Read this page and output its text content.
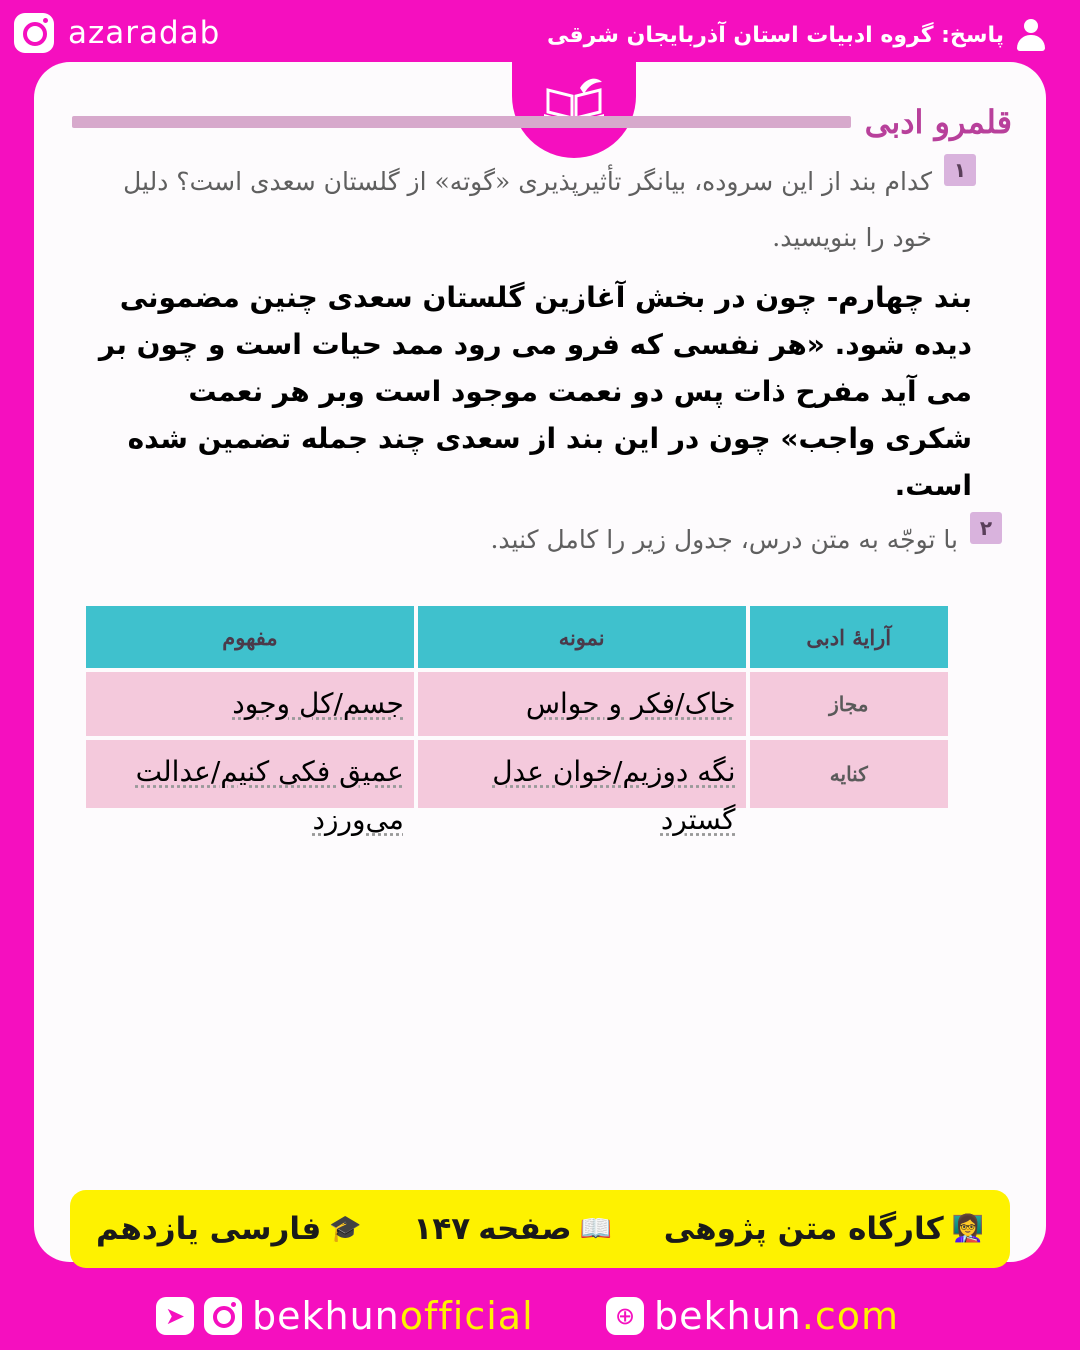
azaradab	پاسخ: گروه ادبیات استان آذربایجان شرقی
قلمرو ادبی
۱
کدام بند از این سروده، بیانگر تأثیرپذیری «گوته» از گلستان سعدی است؟ دلیل خود را بنویسید.
بند چهارم- چون در بخش آغازین گلستان سعدی چنین مضمونی دیده شود. «هر نفسی که فرو می رود ممد حیات است و چون بر می آید مفرح ذات پس دو نعمت موجود است وبر هر نعمت شکری واجب» چون در این بند از سعدی چند جمله تضمین شده است.
۲
با توجّه به متن درس، جدول زیر را کامل کنید.
آرایهٔ ادبی	نمونه	مفهوم
مجاز	خاک/فکر و حواس	جسم/کل وجود

کنایه	نگه دوزیم/خوان عدل گسترد	عمیق فکی کنیم/عدالت می‌ورزد
👩‍🏫
کارگاه متن پژوهی
📖
صفحه
۱۴۷
🎓
فارسی یازدهم
➤ bekhunofficial	⊕ bekhun.com
